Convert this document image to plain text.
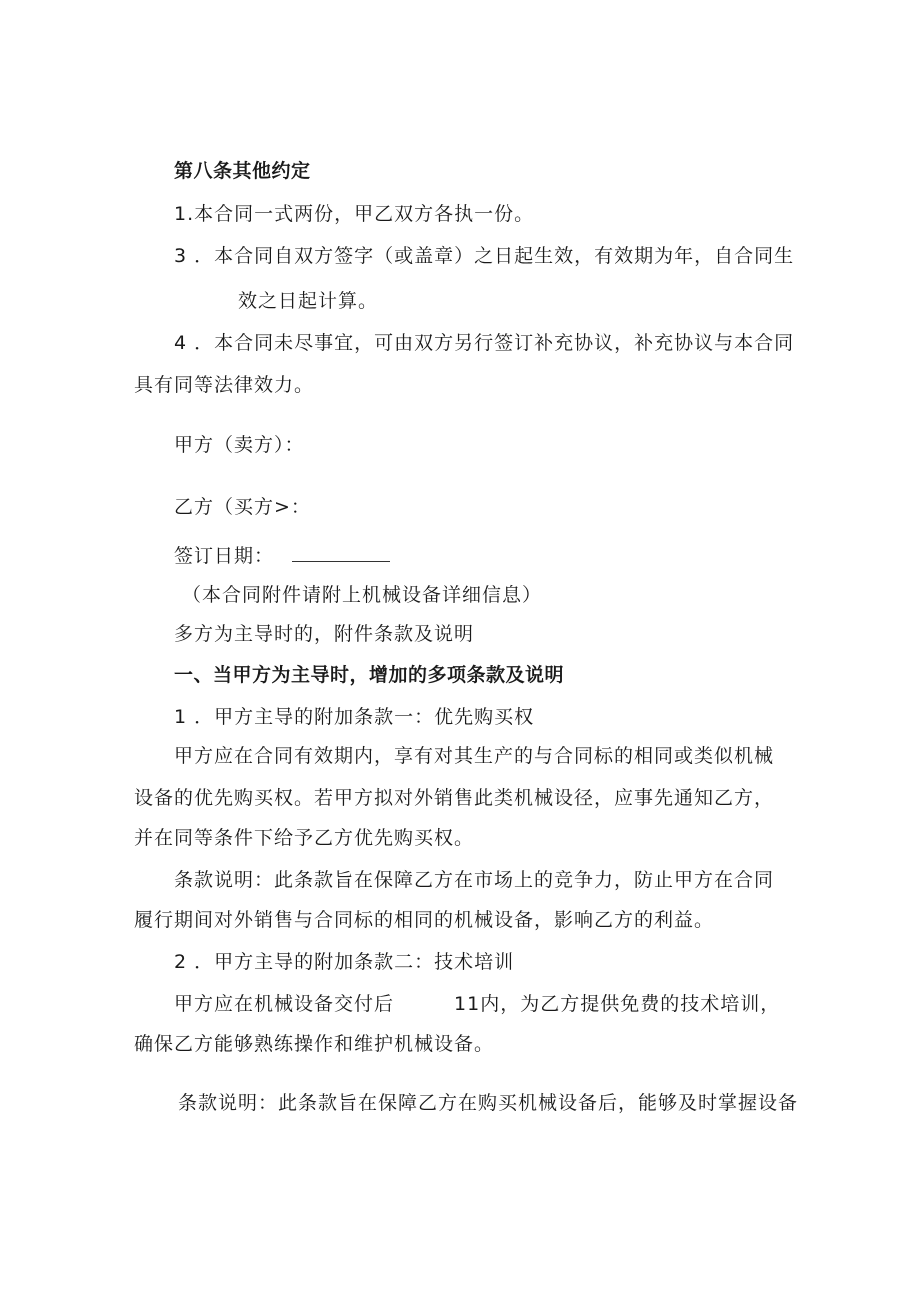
第八条其他约定
1.本合同一式两份，甲乙双方各执一份。
3 ．本合同自双方签字（或盖章）之日起生效，有效期为年，自合同生
效之日起计算。
4 ．本合同未尽事宜，可由双方另行签订补充协议，补充协议与本合同
具有同等法律效力。
甲方（卖方）：
乙方（买方>：
签订日期：
（本合同附件请附上机械设备详细信息）
多方为主导时的，附件条款及说明
一、当甲方为主导时，增加的多项条款及说明
1 ．甲方主导的附加条款一：优先购买权
甲方应在合同有效期内，享有对其生产的与合同标的相同或类似机械
设备的优先购买权。若甲方拟对外销售此类机械设径，应事先通知乙方，
并在同等条件下给予乙方优先购买权。
条款说明：此条款旨在保障乙方在市场上的竞争力，防止甲方在合同
履行期间对外销售与合同标的相同的机械设备，影响乙方的利益。
2 ．甲方主导的附加条款二：技术培训
甲方应在机械设备交付后	11内，为乙方提供免费的技术培训，
确保乙方能够熟练操作和维护机械设备。
条款说明：此条款旨在保障乙方在购买机械设备后，能够及时掌握设备
